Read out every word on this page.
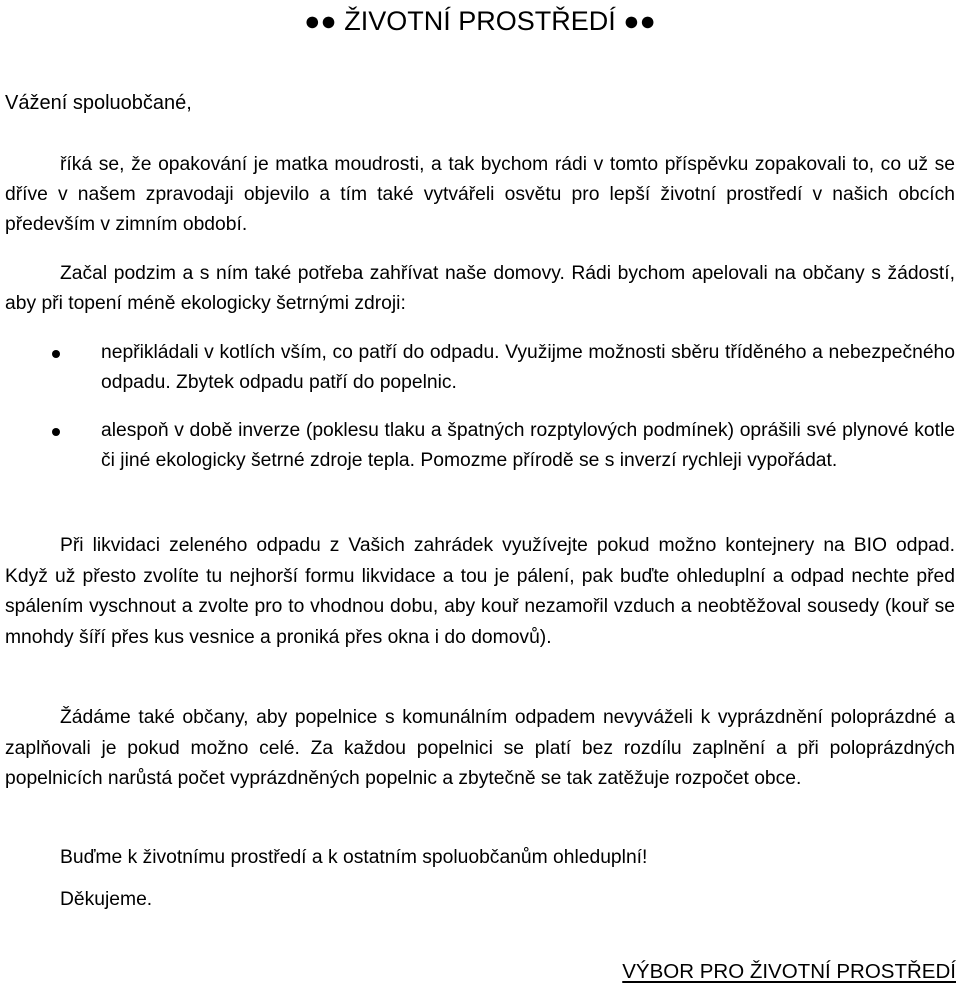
●● ŽIVOTNÍ PROSTŘEDÍ ●●

Vážení spoluobčané,

říká se, že opakování je matka moudrosti, a tak bychom rádi v tomto příspěvku zopakovali to, co už se dříve v našem zpravodaji objevilo a tím také vytvářeli osvětu pro lepší životní prostředí v našich obcích především v zimním období.

Začal podzim a s ním také potřeba zahřívat naše domovy. Rádi bychom apelovali na občany s žádostí, aby při topení méně ekologicky šetrnými zdroji:

nepřikládali v kotlích vším, co patří do odpadu. Využijme možnosti sběru tříděného a nebezpečného odpadu. Zbytek odpadu patří do popelnic.
alespoň v době inverze (poklesu tlaku a špatných rozptylových podmínek) oprášili své plynové kotle či jiné ekologicky šetrné zdroje tepla. Pomozme přírodě se s inverzí rychleji vypořádat.

Při likvidaci zeleného odpadu z Vašich zahrádek využívejte pokud možno kontejnery na BIO odpad. Když už přesto zvolíte tu nejhorší formu likvidace a tou je pálení, pak buďte ohleduplní a odpad nechte před spálením vyschnout a zvolte pro to vhodnou dobu, aby kouř nezamořil vzduch a neobtěžoval sousedy (kouř se mnohdy šíří přes kus vesnice a proniká přes okna i do domovů).

Žádáme také občany, aby popelnice s komunálním odpadem nevyváželi k vyprázdnění poloprázdné a zaplňovali je pokud možno celé. Za každou popelnici se platí bez rozdílu zaplnění a při poloprázdných popelnicích narůstá počet vyprázdněných popelnic a zbytečně se tak zatěžuje rozpočet obce.

Buďme k životnímu prostředí a k ostatním spoluobčanům ohleduplní!

Děkujeme.

VÝBOR PRO ŽIVOTNÍ PROSTŘEDÍ
